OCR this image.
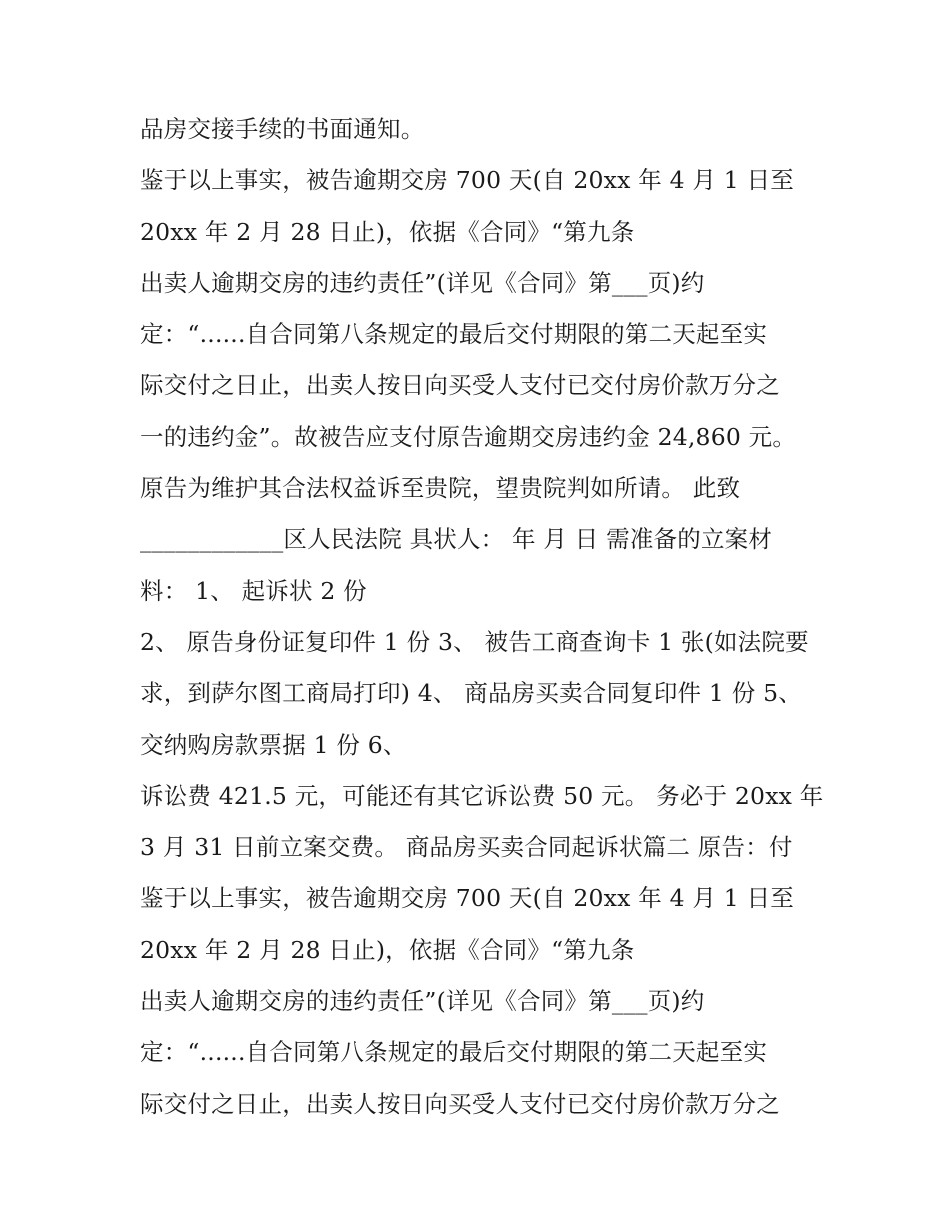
品房交接手续的书面通知。
鉴于以上事实，被告逾期交房 700 天(自 20xx 年 4 月 1 日至
20xx 年 2 月 28 日止)，依据《合同》“第九条
出卖人逾期交房的违约责任”(详见《合同》第___页)约
定：“......自合同第八条规定的最后交付期限的第二天起至实
际交付之日止，出卖人按日向买受人支付已交付房价款万分之
一的违约金”。故被告应支付原告逾期交房违约金 24,860 元。
原告为维护其合法权益诉至贵院，望贵院判如所请。 此致
____________区人民法院 具状人： 年 月 日 需准备的立案材
料： 1、 起诉状 2 份
2、 原告身份证复印件 1 份 3、 被告工商查询卡 1 张(如法院要
求，到萨尔图工商局打印) 4、 商品房买卖合同复印件 1 份 5、
交纳购房款票据 1 份 6、
诉讼费 421.5 元，可能还有其它诉讼费 50 元。 务必于 20xx 年
3 月 31 日前立案交费。 商品房买卖合同起诉状篇二 原告：付
鉴于以上事实，被告逾期交房 700 天(自 20xx 年 4 月 1 日至
20xx 年 2 月 28 日止)，依据《合同》“第九条
出卖人逾期交房的违约责任”(详见《合同》第___页)约
定：“......自合同第八条规定的最后交付期限的第二天起至实
际交付之日止，出卖人按日向买受人支付已交付房价款万分之
